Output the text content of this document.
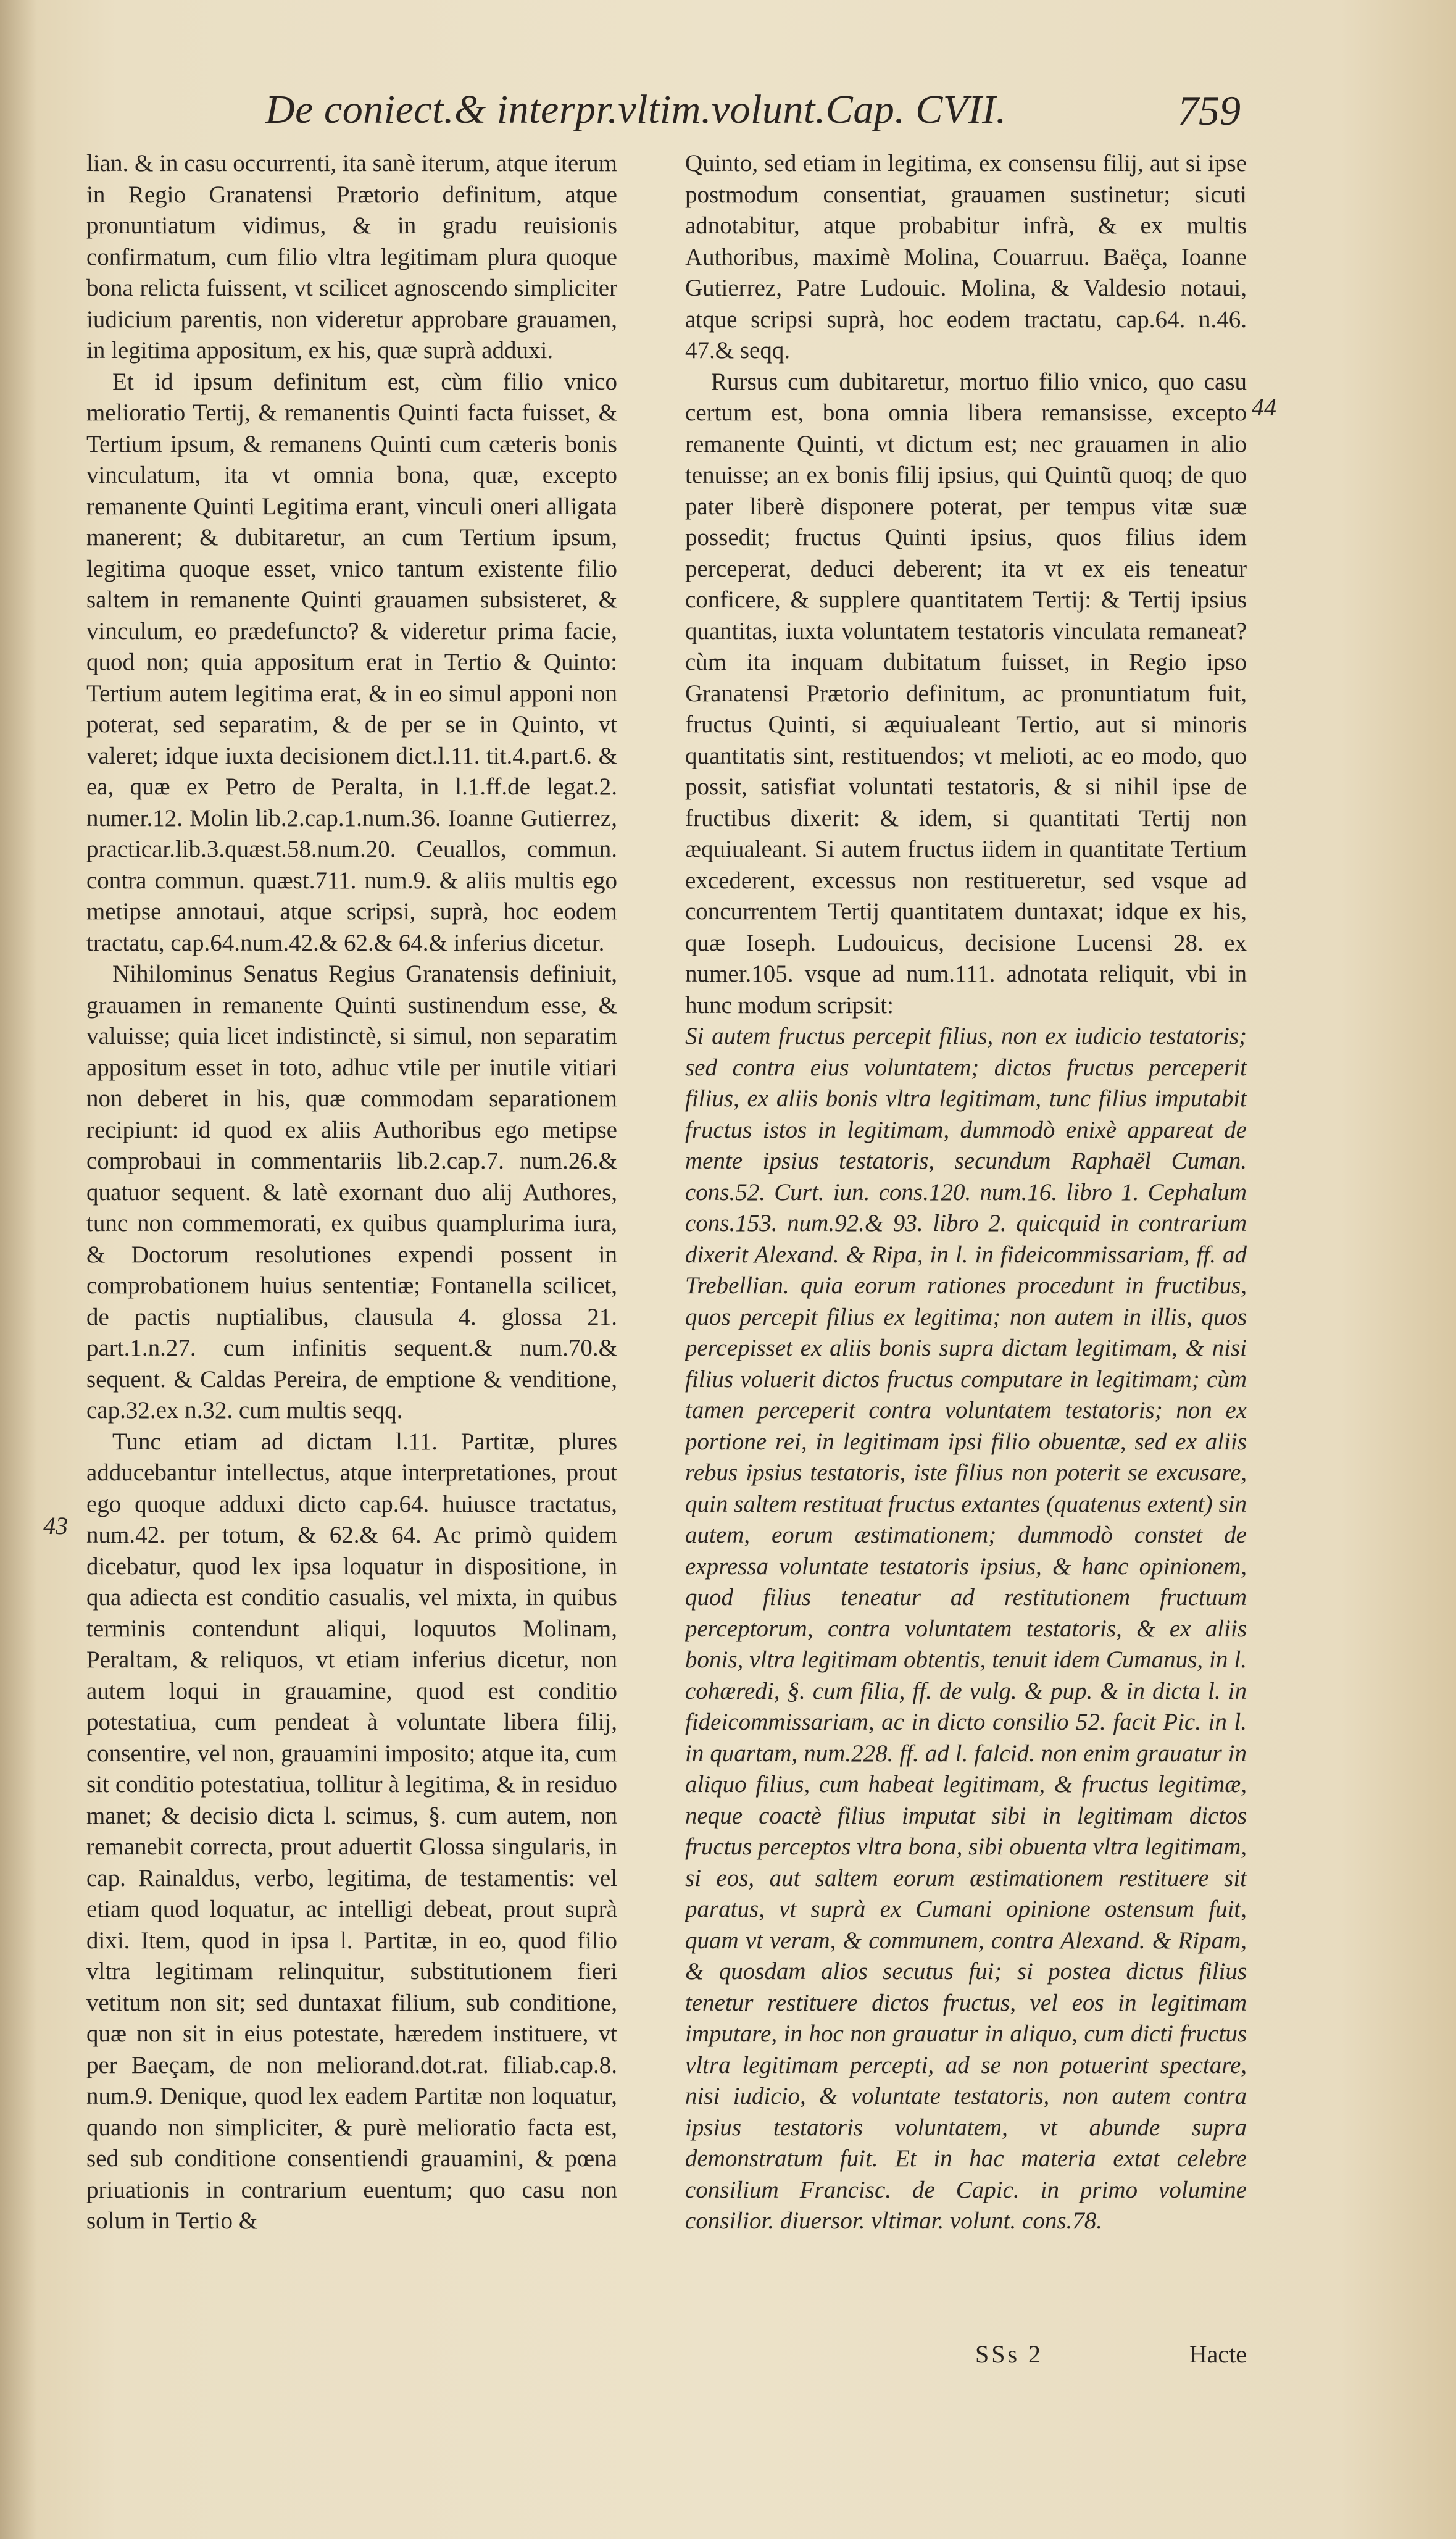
De coniect.& interpr.vltim.volunt.Cap. CVII.	759
43
44

lian. & in casu occurrenti, ita sanè iterum, atque iterum in Regio Granatensi Prætorio definitum, atque pronuntiatum vidimus, & in gradu reuisionis confirmatum, cum filio vltra legitimam plura quoque bona relicta fuissent, vt scilicet agnoscendo simpliciter iudicium parentis, non videretur approbare grauamen, in legitima appositum, ex his, quæ suprà adduxi.

Et id ipsum definitum est, cùm filio vnico melioratio Tertij, & remanentis Quinti facta fuisset, & Tertium ipsum, & remanens Quinti cum cæteris bonis vinculatum, ita vt omnia bona, quæ, excepto remanente Quinti Legitima erant, vinculi oneri alligata manerent; & dubitaretur, an cum Tertium ipsum, legitima quoque esset, vnico tantum existente filio saltem in remanente Quinti grauamen subsisteret, & vinculum, eo prædefuncto? & videretur prima facie, quod non; quia appositum erat in Tertio & Quinto: Tertium autem legitima erat, & in eo simul apponi non poterat, sed separatim, & de per se in Quinto, vt valeret; idque iuxta decisionem dict.l.11. tit.4.part.6. & ea, quæ ex Petro de Peralta, in l.1.ff.de legat.2. numer.12. Molin lib.2.cap.1.num.36. Ioanne Gutierrez, practicar.lib.3.quæst.58.num.20. Ceuallos, commun. contra commun. quæst.711. num.9. & aliis multis ego metipse annotaui, atque scripsi, suprà, hoc eodem tractatu, cap.64.num.42.& 62.& 64.& inferius dicetur.

Nihilominus Senatus Regius Granatensis definiuit, grauamen in remanente Quinti sustinendum esse, & valuisse; quia licet indistinctè, si simul, non separatim appositum esset in toto, adhuc vtile per inutile vitiari non deberet in his, quæ commodam separationem recipiunt: id quod ex aliis Authoribus ego metipse comprobaui in commentariis lib.2.cap.7. num.26.& quatuor sequent. & latè exornant duo alij Authores, tunc non commemorati, ex quibus quamplurima iura, & Doctorum resolutiones expendi possent in comprobationem huius sententiæ; Fontanella scilicet, de pactis nuptialibus, clausula 4. glossa 21. part.1.n.27. cum infinitis sequent.& num.70.& sequent. & Caldas Pereira, de emptione & venditione, cap.32.ex n.32. cum multis seqq.

Tunc etiam ad dictam l.11. Partitæ, plures adducebantur intellectus, atque interpretationes, prout ego quoque adduxi dicto cap.64. huiusce tractatus, num.42. per totum, & 62.& 64. Ac primò quidem dicebatur, quod lex ipsa loquatur in dispositione, in qua adiecta est conditio casualis, vel mixta, in quibus terminis contendunt aliqui, loquutos Molinam, Peraltam, & reliquos, vt etiam inferius dicetur, non autem loqui in grauamine, quod est conditio potestatiua, cum pendeat à voluntate libera filij, consentire, vel non, grauamini imposito; atque ita, cum sit conditio potestatiua, tollitur à legitima, & in residuo manet; & decisio dicta l. scimus, §. cum autem, non remanebit correcta, prout aduertit Glossa singularis, in cap. Rainaldus, verbo, legitima, de testamentis: vel etiam quod loquatur, ac intelligi debeat, prout suprà dixi. Item, quod in ipsa l. Partitæ, in eo, quod filio vltra legitimam relinquitur, substitutionem fieri vetitum non sit; sed duntaxat filium, sub conditione, quæ non sit in eius potestate, hæredem instituere, vt per Baeçam, de non meliorand.dot.rat. filiab.cap.8. num.9. Denique, quod lex eadem Partitæ non loquatur, quando non simpliciter, & purè melioratio facta est, sed sub conditione consentiendi grauamini, & pœna priuationis in contrarium euentum; quo casu non solum in Tertio &

Quinto, sed etiam in legitima, ex consensu filij, aut si ipse postmodum consentiat, grauamen sustinetur; sicuti adnotabitur, atque probabitur infrà, & ex multis Authoribus, maximè Molina, Couarruu. Baëça, Ioanne Gutierrez, Patre Ludouic. Molina, & Valdesio notaui, atque scripsi suprà, hoc eodem tractatu, cap.64. n.46. 47.& seqq.

Rursus cum dubitaretur, mortuo filio vnico, quo casu certum est, bona omnia libera remansisse, excepto remanente Quinti, vt dictum est; nec grauamen in alio tenuisse; an ex bonis filij ipsius, qui Quintũ quoq; de quo pater liberè disponere poterat, per tempus vitæ suæ possedit; fructus Quinti ipsius, quos filius idem perceperat, deduci deberent; ita vt ex eis teneatur conficere, & supplere quantitatem Tertij: & Tertij ipsius quantitas, iuxta voluntatem testatoris vinculata remaneat? cùm ita inquam dubitatum fuisset, in Regio ipso Granatensi Prætorio definitum, ac pronuntiatum fuit, fructus Quinti, si æquiualeant Tertio, aut si minoris quantitatis sint, restituendos; vt melioti, ac eo modo, quo possit, satisfiat voluntati testatoris, & si nihil ipse de fructibus dixerit: & idem, si quantitati Tertij non æquiualeant. Si autem fructus iidem in quantitate Tertium excederent, excessus non restitueretur, sed vsque ad concurrentem Tertij quantitatem duntaxat; idque ex his, quæ Ioseph. Ludouicus, decisione Lucensi 28. ex numer.105. vsque ad num.111. adnotata reliquit, vbi in hunc modum scripsit:

Si autem fructus percepit filius, non ex iudicio testatoris; sed contra eius voluntatem; dictos fructus perceperit filius, ex aliis bonis vltra legitimam, tunc filius imputabit fructus istos in legitimam, dummodò enixè appareat de mente ipsius testatoris, secundum Raphaël Cuman. cons.52. Curt. iun. cons.120. num.16. libro 1. Cephalum cons.153. num.92.& 93. libro 2. quicquid in contrarium dixerit Alexand. & Ripa, in l. in fideicommissariam, ff. ad Trebellian. quia eorum rationes procedunt in fructibus, quos percepit filius ex legitima; non autem in illis, quos percepisset ex aliis bonis supra dictam legitimam, & nisi filius voluerit dictos fructus computare in legitimam; cùm tamen perceperit contra voluntatem testatoris; non ex portione rei, in legitimam ipsi filio obuentæ, sed ex aliis rebus ipsius testatoris, iste filius non poterit se excusare, quin saltem restituat fructus extantes (quatenus extent) sin autem, eorum æstimationem; dummodò constet de expressa voluntate testatoris ipsius, & hanc opinionem, quod filius teneatur ad restitutionem fructuum perceptorum, contra voluntatem testatoris, & ex aliis bonis, vltra legitimam obtentis, tenuit idem Cumanus, in l. cohæredi, §. cum filia, ff. de vulg. & pup. & in dicta l. in fideicommissariam, ac in dicto consilio 52. facit Pic. in l. in quartam, num.228. ff. ad l. falcid. non enim grauatur in aliquo filius, cum habeat legitimam, & fructus legitimæ, neque coactè filius imputat sibi in legitimam dictos fructus perceptos vltra bona, sibi obuenta vltra legitimam, si eos, aut saltem eorum æstimationem restituere sit paratus, vt suprà ex Cumani opinione ostensum fuit, quam vt veram, & communem, contra Alexand. & Ripam, & quosdam alios secutus fui; si postea dictus filius tenetur restituere dictos fructus, vel eos in legitimam imputare, in hoc non grauatur in aliquo, cum dicti fructus vltra legitimam percepti, ad se non potuerint spectare, nisi iudicio, & voluntate testatoris, non autem contra ipsius testatoris voluntatem, vt abunde supra demonstratum fuit. Et in hac materia extat celebre consilium Francisc. de Capic. in primo volumine consilior. diuersor. vltimar. volunt. cons.78.

SSs 2	Hacte
